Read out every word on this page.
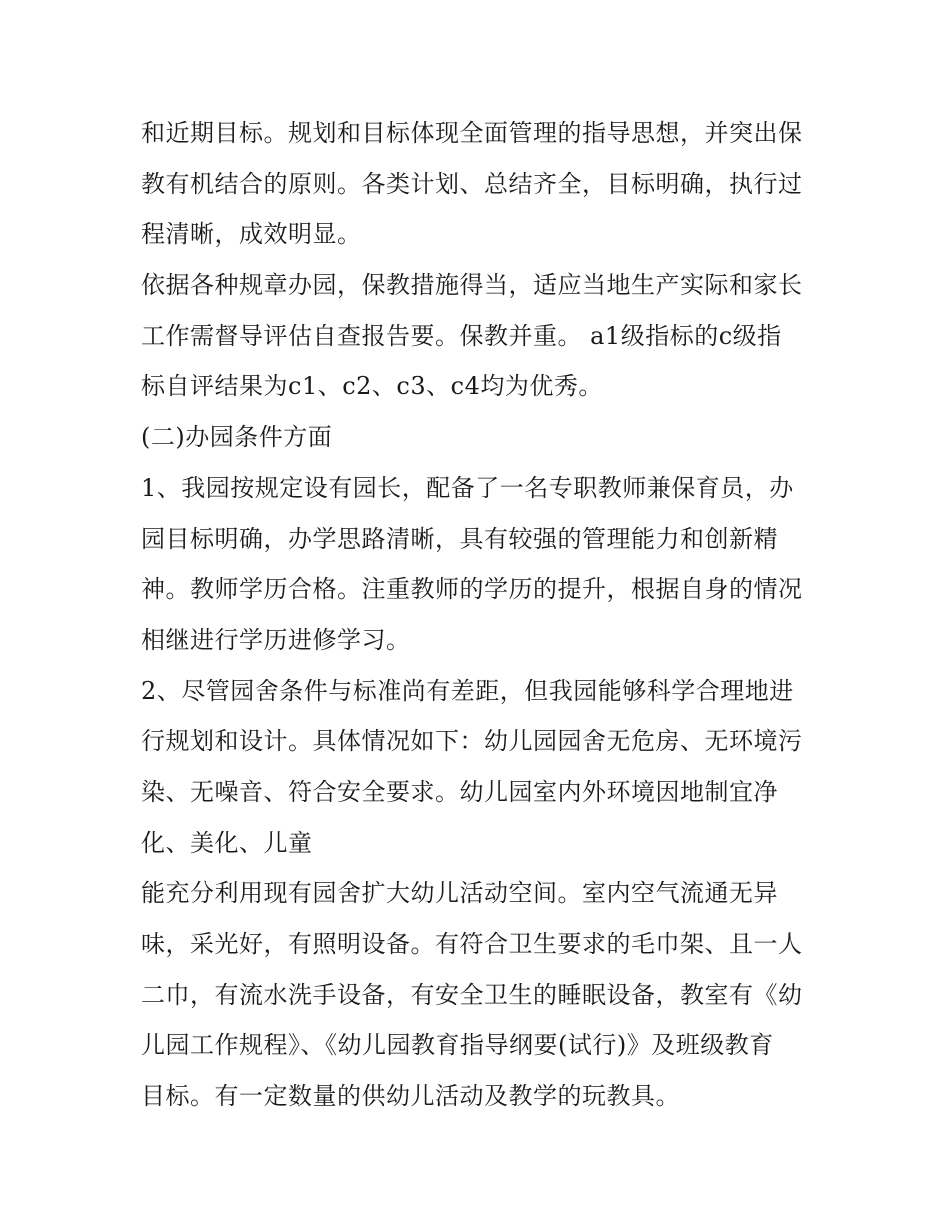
和近期目标。规划和目标体现全面管理的指导思想，并突出保
教有机结合的原则。各类计划、总结齐全，目标明确，执行过
程清晰，成效明显。
依据各种规章办园，保教措施得当，适应当地生产实际和家长
工作需督导评估自查报告要。保教并重。 a1级指标的c级指
标自评结果为c1、c2、c3、c4均为优秀。
(二)办园条件方面
1、我园按规定设有园长，配备了一名专职教师兼保育员，办
园目标明确，办学思路清晰，具有较强的管理能力和创新精
神。教师学历合格。注重教师的学历的提升，根据自身的情况
相继进行学历进修学习。
2、尽管园舍条件与标准尚有差距，但我园能够科学合理地进
行规划和设计。具体情况如下：幼儿园园舍无危房、无环境污
染、无噪音、符合安全要求。幼儿园室内外环境因地制宜净
化、美化、儿童
能充分利用现有园舍扩大幼儿活动空间。室内空气流通无异
味，采光好，有照明设备。有符合卫生要求的毛巾架、且一人
二巾，有流水洗手设备，有安全卫生的睡眠设备，教室有《幼
儿园工作规程》、《幼儿园教育指导纲要(试行)》及班级教育
目标。有一定数量的供幼儿活动及教学的玩教具。
